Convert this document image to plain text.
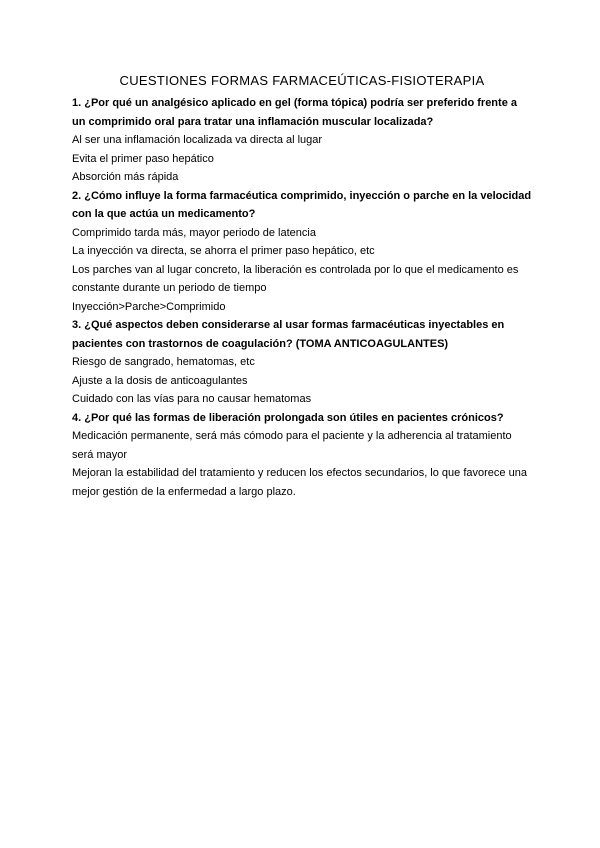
CUESTIONES FORMAS FARMACEÚTICAS-FISIOTERAPIA

1. ¿Por qué un analgésico aplicado en gel (forma tópica) podría ser preferido frente a un comprimido oral para tratar una inflamación muscular localizada?

Al ser una inflamación localizada va directa al lugar

Evita el primer paso hepático

Absorción más rápida

2. ¿Cómo influye la forma farmacéutica comprimido, inyección o parche en la velocidad con la que actúa un medicamento?

Comprimido tarda más, mayor periodo de latencia

La inyección va directa, se ahorra el primer paso hepático, etc

Los parches van al lugar concreto, la liberación es controlada por lo que el medicamento es constante durante un periodo de tiempo

Inyección>Parche>Comprimido

3. ¿Qué aspectos deben considerarse al usar formas farmacéuticas inyectables en pacientes con trastornos de coagulación? (TOMA ANTICOAGULANTES)

Riesgo de sangrado, hematomas, etc

Ajuste a la dosis de anticoagulantes

Cuidado con las vías para no causar hematomas

4. ¿Por qué las formas de liberación prolongada son útiles en pacientes crónicos?

Medicación permanente, será más cómodo para el paciente y la adherencia al tratamiento será mayor

Mejoran la estabilidad del tratamiento y reducen los efectos secundarios, lo que favorece una mejor gestión de la enfermedad a largo plazo.
